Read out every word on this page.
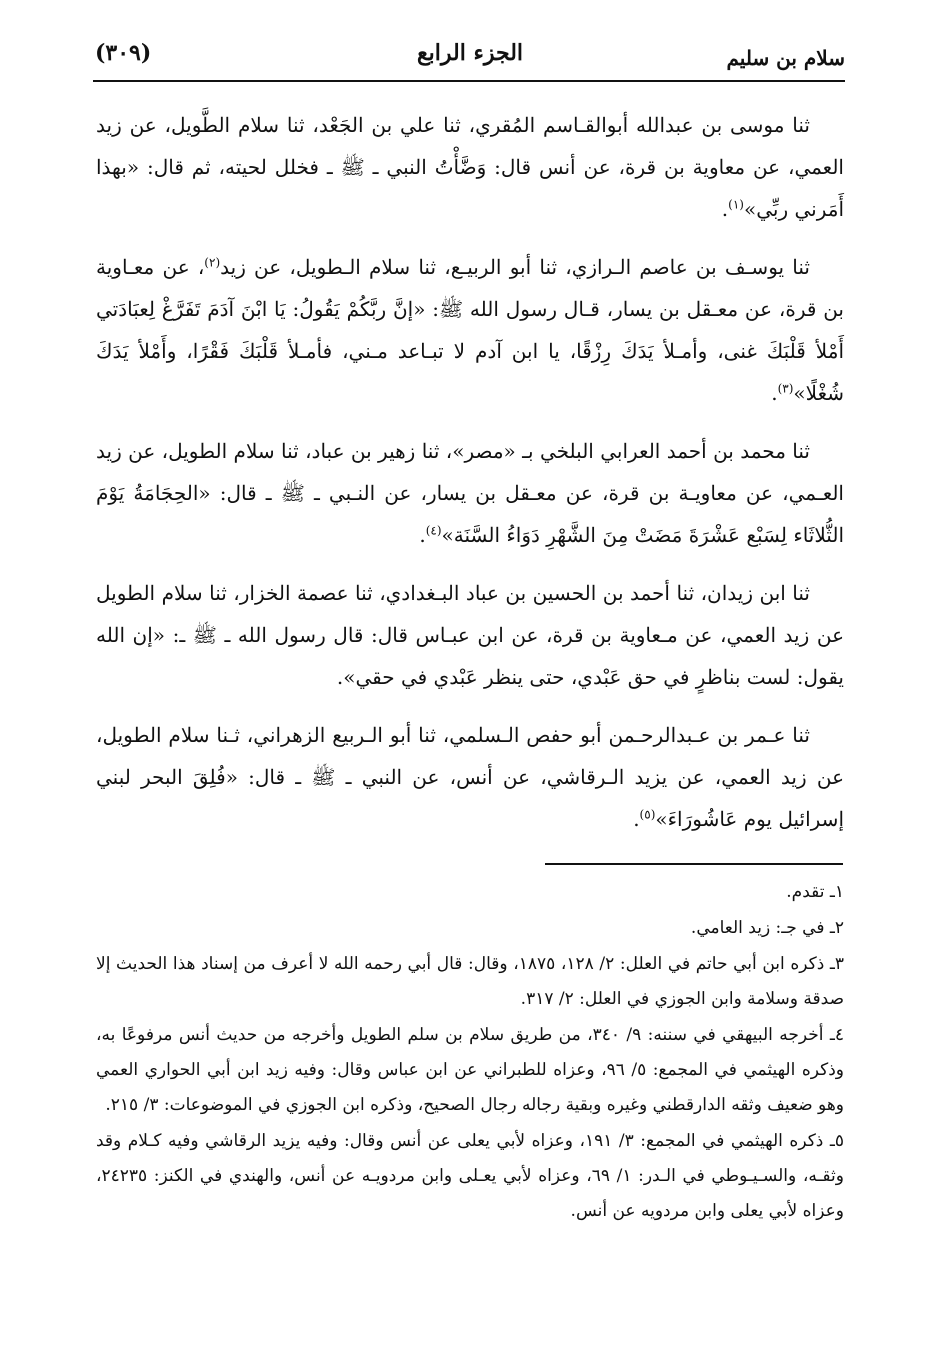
سلام بن سليم
الجزء الرابع
(٣٠٩)

ثنا موسى بن عبدالله أبوالقـاسم المُقري، ثنا علي بن الجَعْد، ثنا سلام الطَّويل، عن زيد العمي، عن معاوية بن قرة، عن أنس قال: وَضَّأْتُ النبي ـ ﷺ ـ فخلل لحيته، ثم قال: «بهذا أَمَرني ربِّي»$^{(١)}$.

ثنا يوسـف بن عاصم الـرازي، ثنا أبو الربيـع، ثنا سلام الـطويل، عن زيد$^{(٢)}$، عن معـاوية بن قرة، عن معـقل بن يسار، قـال رسول الله ﷺ: «إنَّ ربَّكُمْ يَقُولُ: يَا ابْنَ آدَمَ تَفَرَّغْ لِعبَادَتي أَمْلأ قَلْبَكَ غنى، وأمـلأ يَدَكَ رِزْقًا، يا ابن آدم لا تبـاعد مـني، فأمـلأ قَلْبَكَ فَقْرًا، وأَمْلأ يَدَكَ شُغْلًا»$^{(٣)}$.

ثنا محمد بن أحمد العرابي البلخي بـ «مصر»، ثنا زهير بن عباد، ثنا سلام الطويل، عن زيد العـمي، عن معاويـة بن قرة، عن معـقل بن يسار، عن النـبي ـ ﷺ ـ قال: «الحِجَامَةُ يَوْمَ الثُّلاثَاء لِسَبْع عَشْرَةَ مَضَتْ مِنَ الشَّهْرِ دَوَاءُ السَّنَة»$^{(٤)}$.

ثنا ابن زيدان، ثنا أحمد بن الحسين بن عباد البـغدادي، ثنا عصمة الخزار، ثنا سلام الطويل عن زيد العمي، عن مـعاوية بن قرة، عن ابن عبـاس قال: قال رسول الله ـ ﷺ ـ: «إن الله يقول: لست بناظرٍ في حق عَبْدي، حتى ينظر عَبْدي في حقي».

ثنا عـمر بن عـبدالرحـمن أبو حفص الـسلمي، ثنا أبو الـربيع الزهراني، ثـنا سلام الطويل، عن زيد العمي، عن يزيد الـرقاشي، عن أنس، عن النبي ـ ﷺ ـ قال: «فُلِقَ البحر لبني إسرائيل يوم عَاشُورَاءَ»$^{(٥)}$.

١ـ تقدم.

٢ـ في جـ: زيد العامي.

٣ـ ذكره ابن أبي حاتم في العلل: ٢/ ١٢٨، ١٨٧٥، وقال: قال أبي رحمه الله لا أعرف من إسناد هذا الحديث إلا صدقة وسلامة وابن الجوزي في العلل: ٢/ ٣١٧.

٤ـ أخرجه البيهقي في سننه: ٩/ ٣٤٠، من طريق سلام بن سلم الطويل وأخرجه من حديث أنس مرفوعًا به، وذكره الهيثمي في المجمع: ٥/ ٩٦، وعزاه للطبراني عن ابن عباس وقال: وفيه زيد ابن أبي الحواري العمي وهو ضعيف وثقه الدارقطني وغيره وبقية رجاله رجال الصحيح، وذكره ابن الجوزي في الموضوعات: ٣/ ٢١٥.

٥ـ ذكره الهيثمي في المجمع: ٣/ ١٩١، وعزاه لأبي يعلى عن أنس وقال: وفيه يزيد الرقاشي وفيه كـلام وقد وثقـه، والسـيـوطي في الـدر: ١/ ٦٩، وعزاه لأبي يعـلى وابن مردويـه عن أنس، والهندي في الكنز: ٢٤٢٣٥، وعزاه لأبي يعلى وابن مردويه عن أنس.
